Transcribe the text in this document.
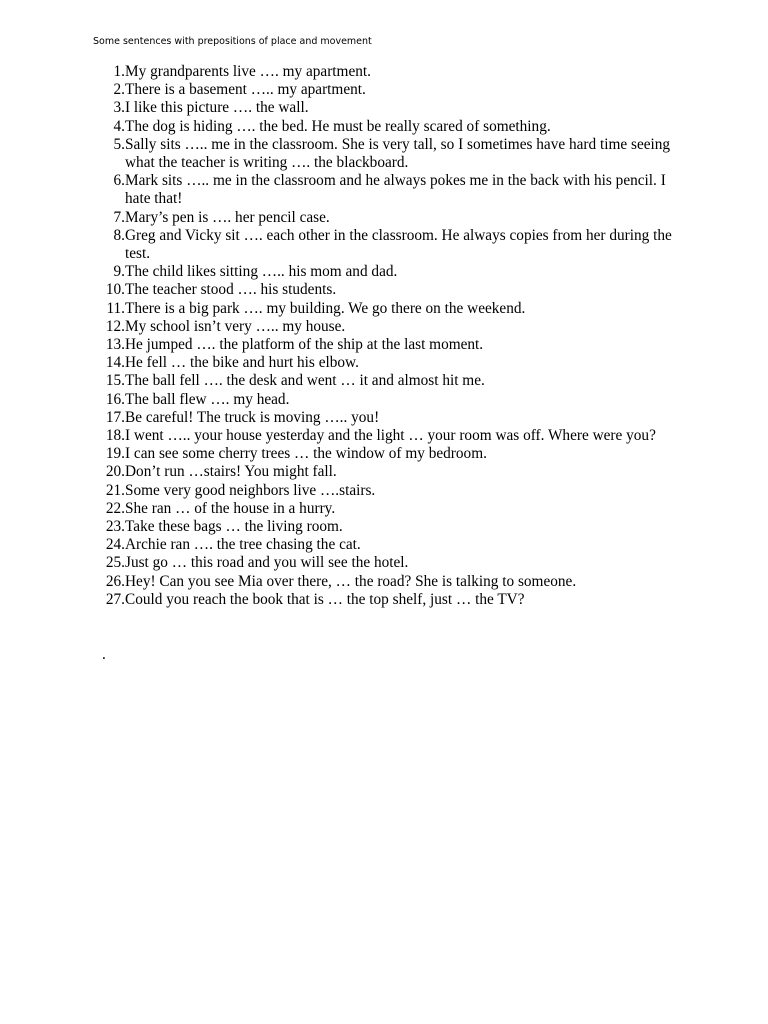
Some sentences with prepositions of place and movement
1. My grandparents live …. my apartment.
2. There is a basement ….. my apartment.
3. I like this picture …. the wall.
4. The dog is hiding …. the bed. He must be really scared of something.
5. Sally sits ….. me in the classroom. She is very tall, so I sometimes have hard time seeing what the teacher is writing …. the blackboard.
6. Mark sits ….. me in the classroom and he always pokes me in the back with his pencil. I hate that!
7. Mary’s pen is …. her pencil case.
8. Greg and Vicky sit …. each other in the classroom. He always copies from her during the test.
9. The child likes sitting ….. his mom and dad.
10. The teacher stood …. his students.
11. There is a big park …. my building. We go there on the weekend.
12. My school isn’t very ….. my house.
13. He jumped …. the platform of the ship at the last moment.
14. He fell … the bike and hurt his elbow.
15. The ball fell …. the desk and went … it and almost hit me.
16. The ball flew …. my head.
17. Be careful! The truck is moving ….. you!
18. I went ….. your house yesterday and the light … your room was off. Where were you?
19. I can see some cherry trees … the window of my bedroom.
20. Don’t run …stairs! You might fall.
21. Some very good neighbors live ….stairs.
22. She ran … of the house in a hurry.
23. Take these bags … the living room.
24. Archie ran …. the tree chasing the cat.
25. Just go … this road and you will see the hotel.
26. Hey! Can you see Mia over there, … the road? She is talking to someone.
27. Could you reach the book that is … the top shelf, just … the TV?
.
